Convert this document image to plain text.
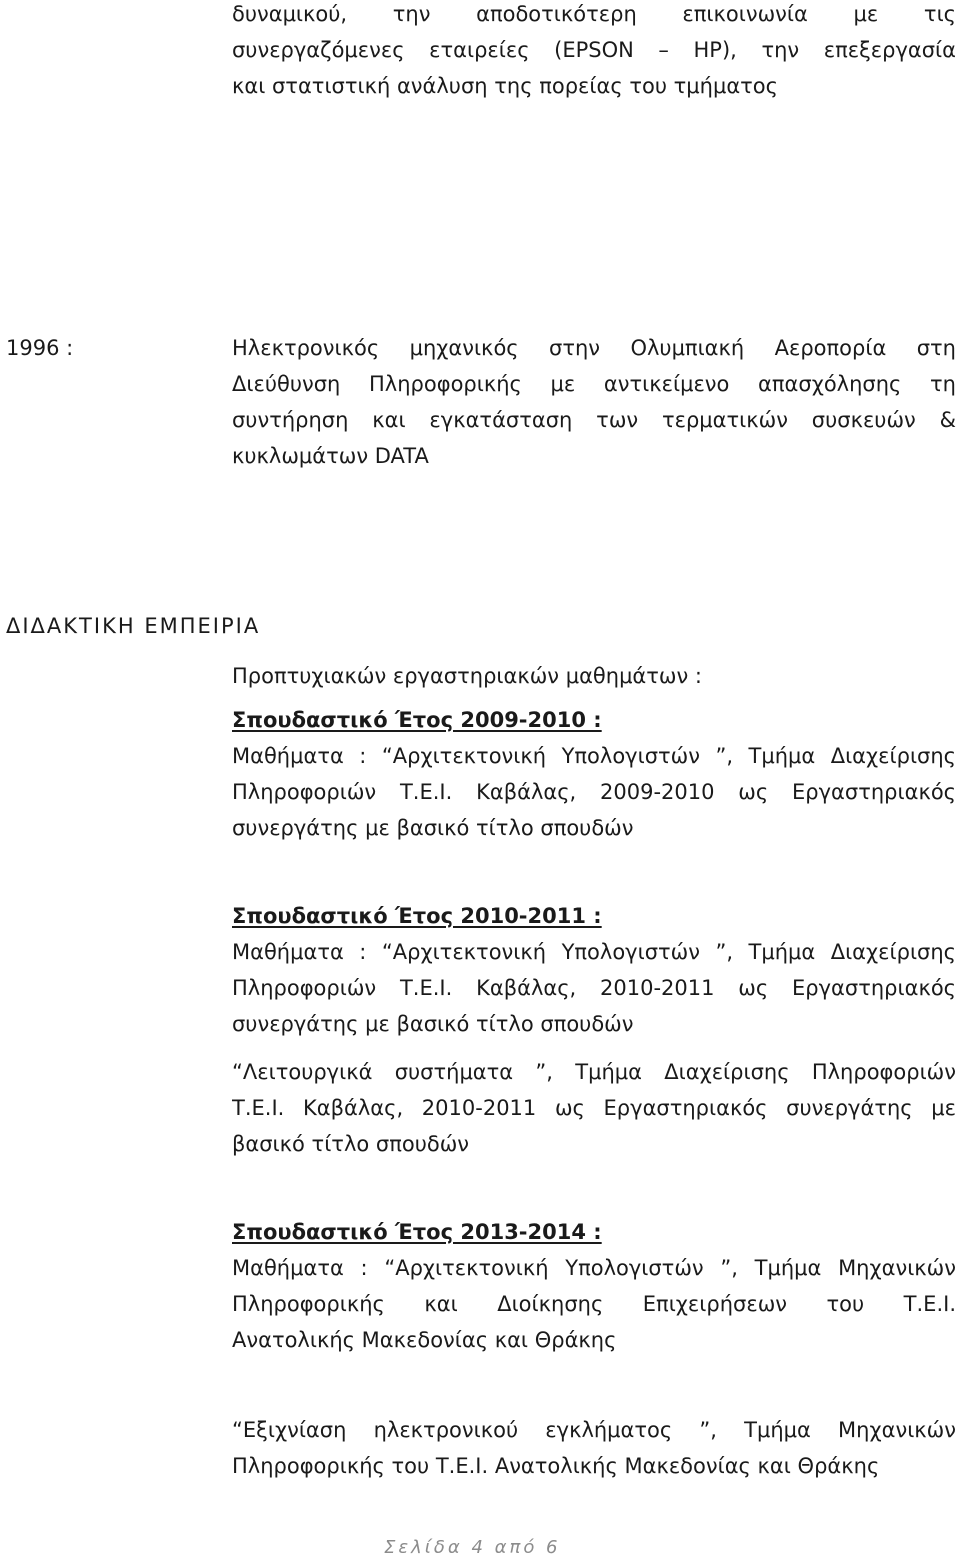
δυναμικού, την αποδοτικότερη επικοινωνία με τις
συνεργαζόμενες εταιρείες (EPSON – HP), την επεξεργασία
και στατιστική ανάλυση της πορείας του τμήματος
1996 :	Ηλεκτρονικός μηχανικός στην Ολυμπιακή Αεροπορία στη
Διεύθυνση Πληροφορικής με αντικείμενο απασχόλησης τη
συντήρηση και εγκατάσταση των τερματικών συσκευών &
κυκλωμάτων DATA
ΔΙΔΑΚΤΙΚΗ ΕΜΠΕΙΡΙΑ
Προπτυχιακών εργαστηριακών μαθημάτων :
Σπουδαστικό Έτος 2009-2010 :
Μαθήματα : “Αρχιτεκτονική Υπολογιστών ”, Τμήμα Διαχείρισης
Πληροφοριών Τ.Ε.Ι. Καβάλας, 2009-2010 ως Εργαστηριακός
συνεργάτης με βασικό τίτλο σπουδών
Σπουδαστικό Έτος 2010-2011 :
Μαθήματα : “Αρχιτεκτονική Υπολογιστών ”, Τμήμα Διαχείρισης
Πληροφοριών Τ.Ε.Ι. Καβάλας, 2010-2011 ως Εργαστηριακός
συνεργάτης με βασικό τίτλο σπουδών
“Λειτουργικά συστήματα ”, Τμήμα Διαχείρισης Πληροφοριών
Τ.Ε.Ι. Καβάλας, 2010-2011 ως Εργαστηριακός συνεργάτης με
βασικό τίτλο σπουδών
Σπουδαστικό Έτος 2013-2014 :
Μαθήματα : “Αρχιτεκτονική Υπολογιστών ”, Τμήμα Μηχανικών
Πληροφορικής και Διοίκησης Επιχειρήσεων του Τ.Ε.Ι.
Ανατολικής Μακεδονίας και Θράκης
“Εξιχνίαση ηλεκτρονικού εγκλήματος ”, Τμήμα Μηχανικών
Πληροφορικής του Τ.Ε.Ι. Ανατολικής Μακεδονίας και Θράκης
Σελίδα 4 από 6
